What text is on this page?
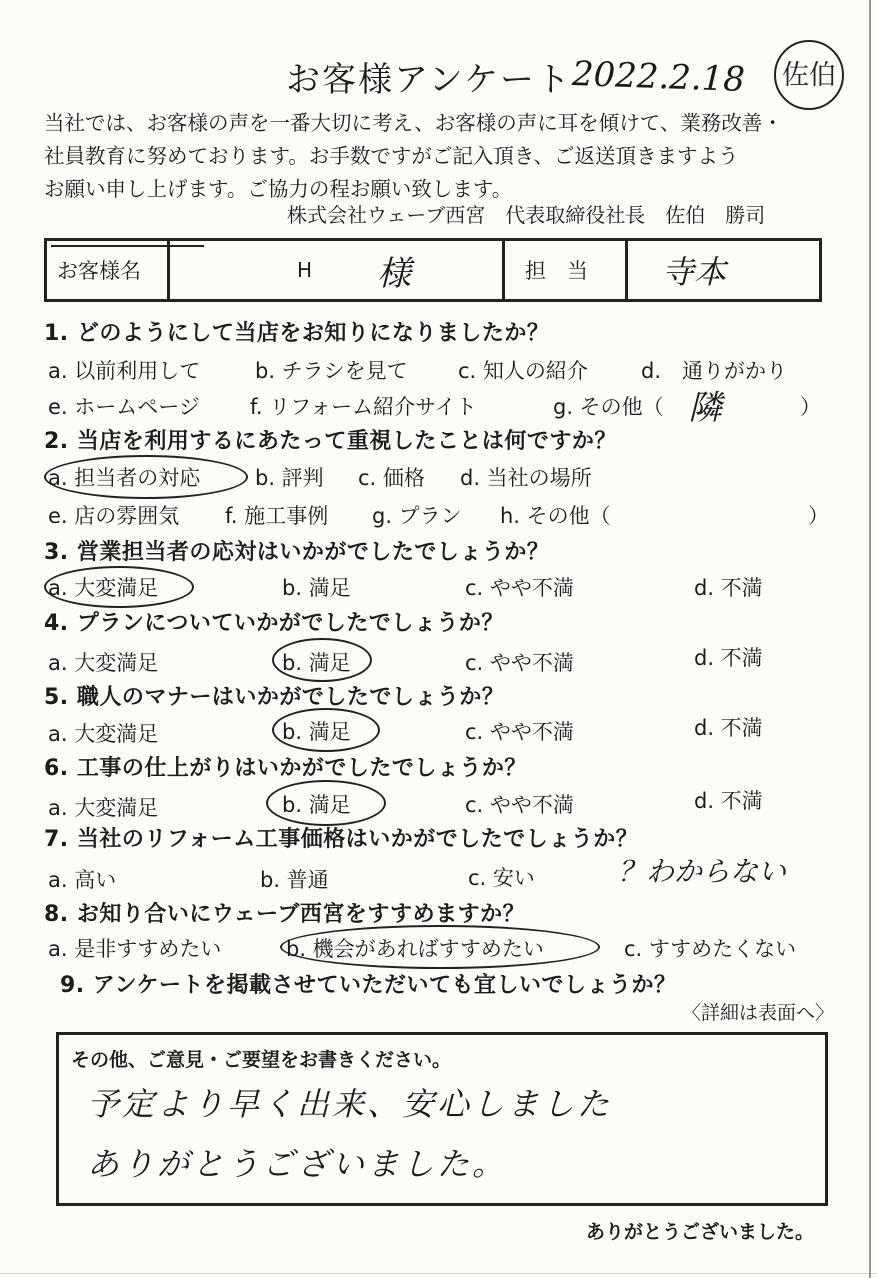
お客様アンケート 2022.2.18 佐伯
当社では、お客様の声を一番大切に考え、お客様の声に耳を傾けて、業務改善・
社員教育に努めております。お手数ですがご記入頂き、ご返送頂きますよう
お願い申し上げます。ご協力の程お願い致します。
株式会社ウェーブ西宮　代表取締役社長　佐伯　勝司
お客様名	H 様	担　当 寺本
1. どのようにして当店をお知りになりましたか？
a. 以前利用して	b. チラシを見て c. 知人の紹介	d.　通りがかり
e. ホームページ f. リフォーム紹介サイト	g. その他（ 隣	）
2. 当店を利用するにあたって重視したことは何ですか？
a. 担当者の対応	b. 評判 c. 価格 d. 当社の場所
e. 店の雰囲気 f. 施工事例 g. プラン h. その他（	）
3. 営業担当者の応対はいかがでしたでしょうか？
a. 大変満足	b. 満足	c. やや不満	d. 不満
4. プランについていかがでしたでしょうか？
a. 大変満足	b. 満足	c. やや不満	d. 不満
5. 職人のマナーはいかがでしたでしょうか？
a. 大変満足	b. 満足	c. やや不満	d. 不満
6. 工事の仕上がりはいかがでしたでしょうか？
a. 大変満足	b. 満足	c. やや不満	d. 不満
7. 当社のリフォーム工事価格はいかがでしたでしょうか？
a. 高い	b. 普通	c. 安い	？わからない
8. お知り合いにウェーブ西宮をすすめますか？
a. 是非すすめたい	b. 機会があればすすめたい	c. すすめたくない
9. アンケートを掲載させていただいても宜しいでしょうか？
〈詳細は表面へ〉
その他、ご意見・ご要望をお書きください。
予定より早く出来、安心しました
ありがとうございました。
ありがとうございました。
